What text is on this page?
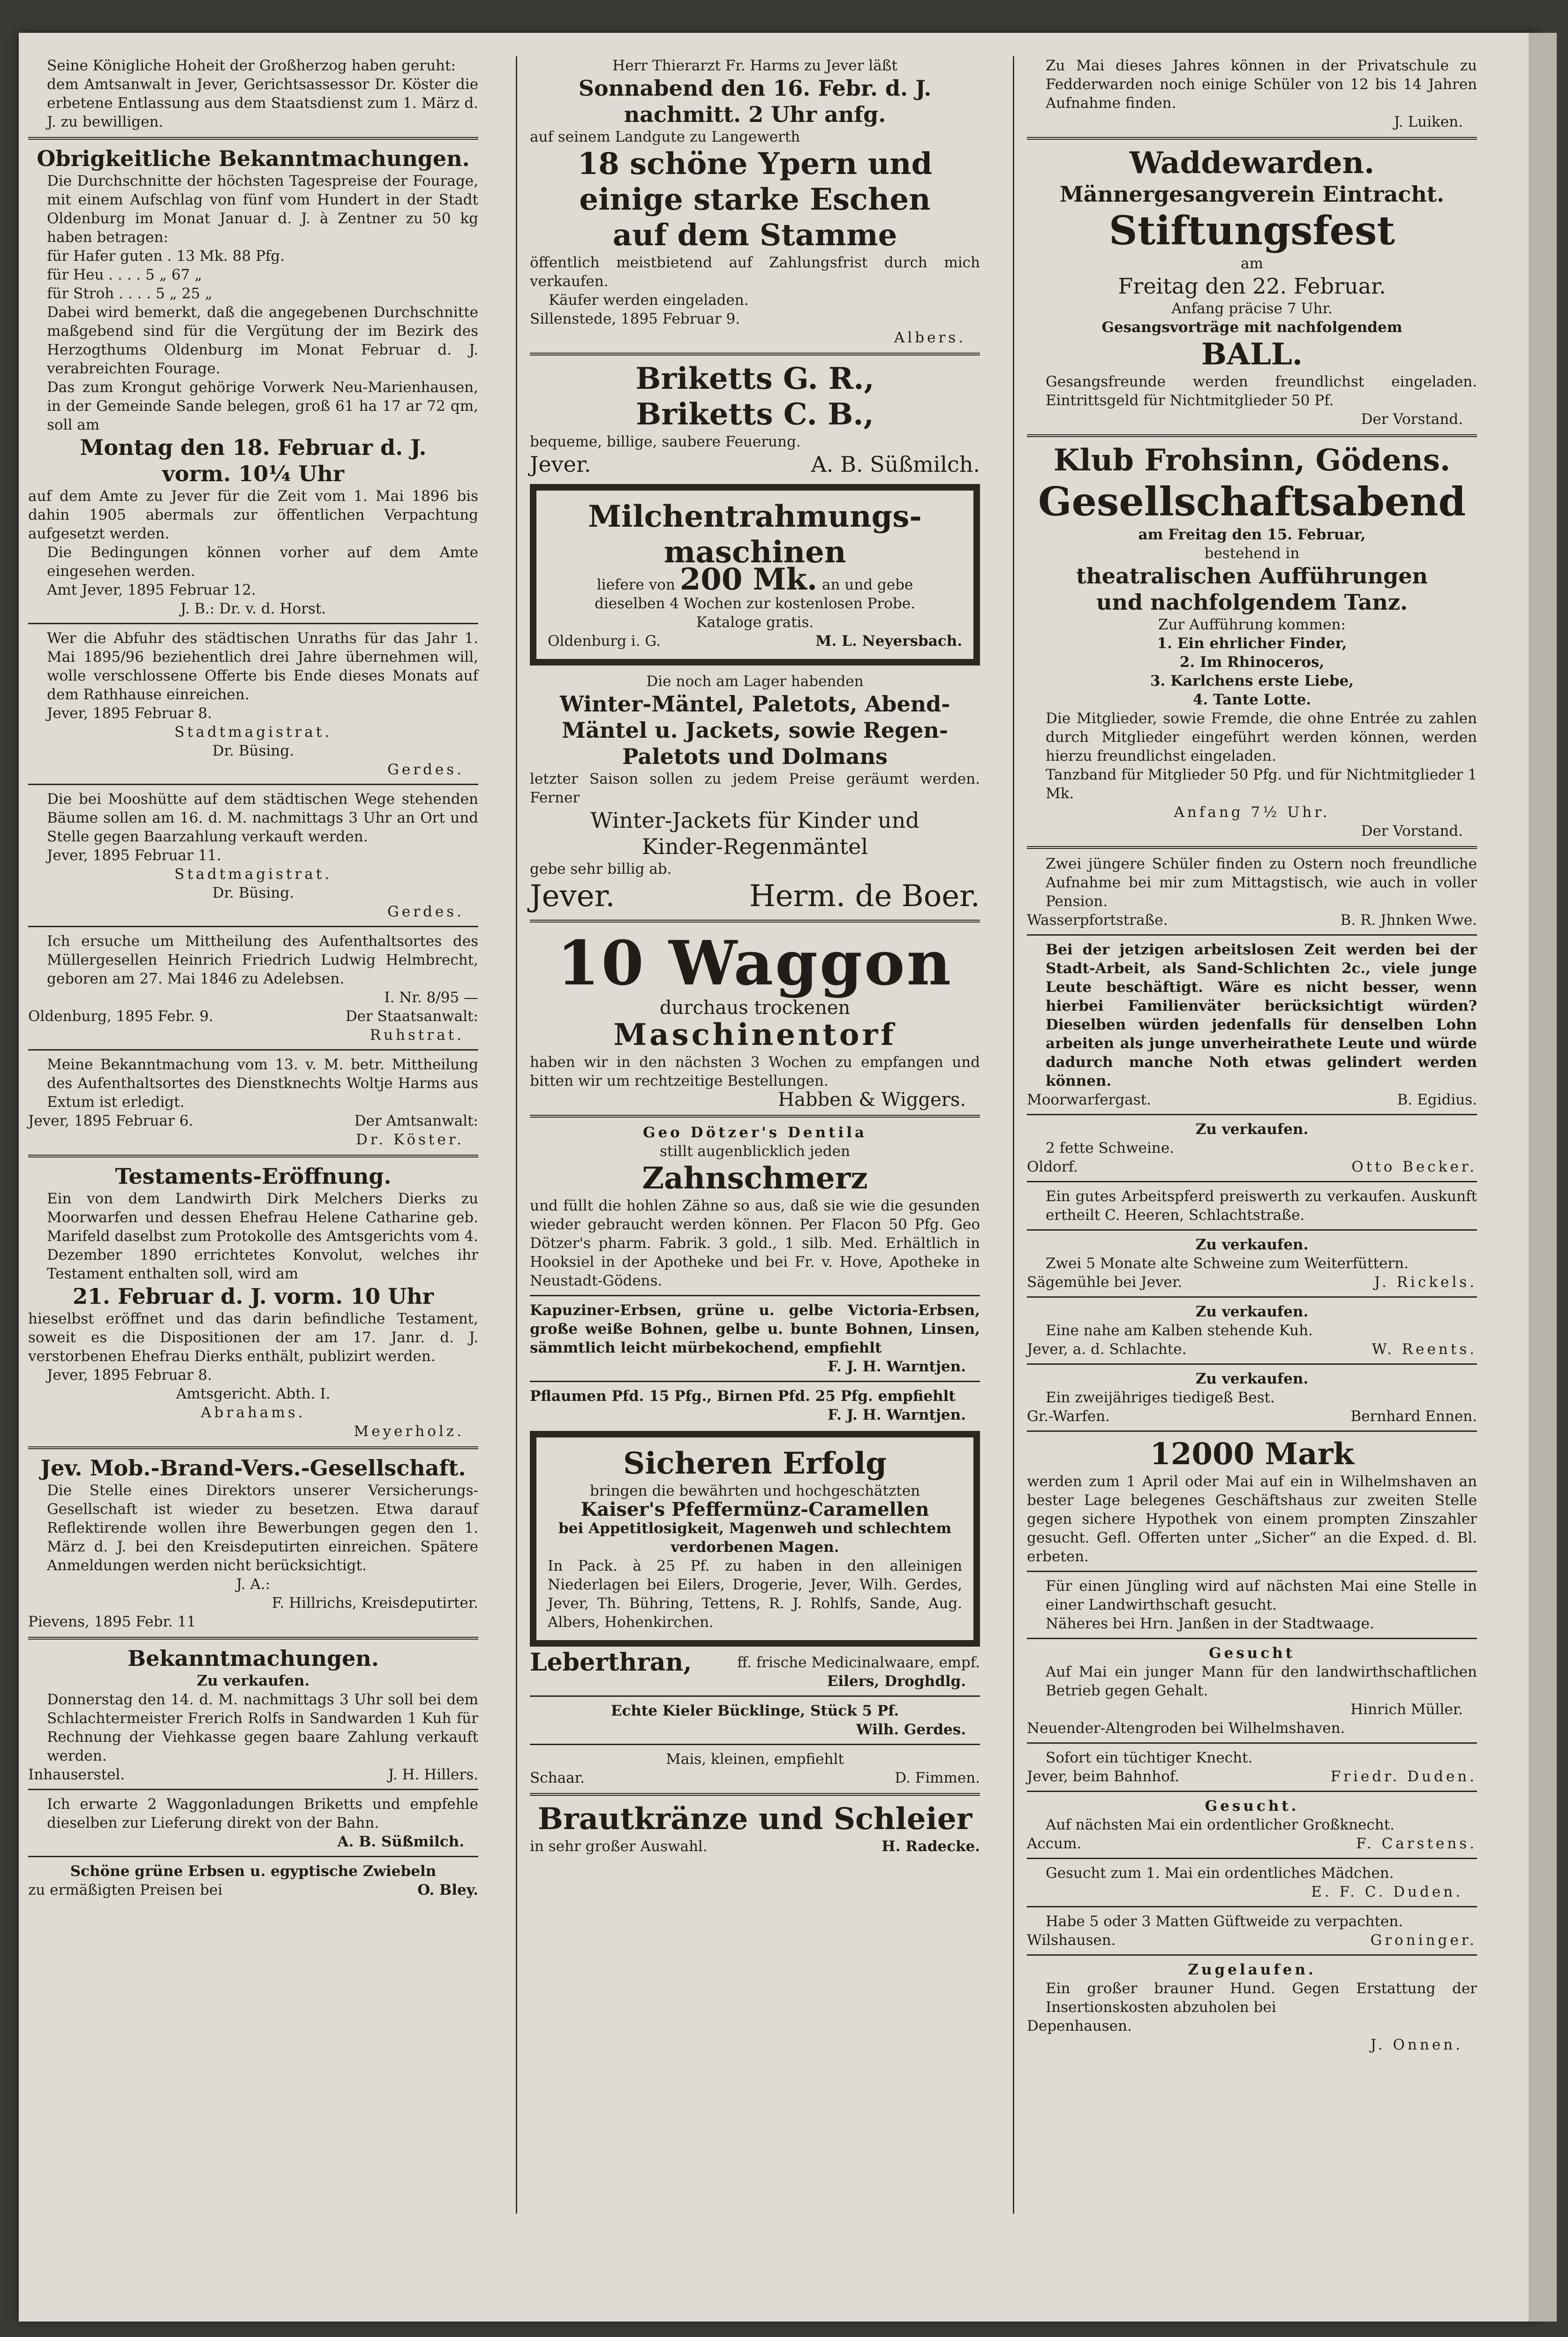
Seine Königliche Hoheit der Großherzog haben geruht:

dem Amtsanwalt in Jever, Gerichtsassessor Dr. Köster die erbetene Entlassung aus dem Staatsdienst zum 1. März d. J. zu bewilligen.

Obrigkeitliche Bekanntmachungen.

Die Durchschnitte der höchsten Tagespreise der Fourage, mit einem Aufschlag von fünf vom Hundert in der Stadt Oldenburg im Monat Januar d. J. à Zentner zu 50 kg haben betragen:

für Hafer guten . 13 Mk. 88 Pfg.

für Heu . . . . 5 „ 67 „

für Stroh . . . . 5 „ 25 „

Dabei wird bemerkt, daß die angegebenen Durchschnitte maßgebend sind für die Vergütung der im Bezirk des Herzogthums Oldenburg im Monat Februar d. J. verabreichten Fourage.

Das zum Krongut gehörige Vorwerk Neu-Marienhausen, in der Gemeinde Sande belegen, groß 61 ha 17 ar 72 qm, soll am

Montag den 18. Februar d. J.

vorm. 10¼ Uhr

auf dem Amte zu Jever für die Zeit vom 1. Mai 1896 bis dahin 1905 abermals zur öffentlichen Verpachtung aufgesetzt werden.

Die Bedingungen können vorher auf dem Amte eingesehen werden.

Amt Jever, 1895 Februar 12.

J. B.: Dr. v. d. Horst.

Wer die Abfuhr des städtischen Unraths für das Jahr 1. Mai 1895/96 beziehentlich drei Jahre übernehmen will, wolle verschlossene Offerte bis Ende dieses Monats auf dem Rathhause einreichen.

Jever, 1895 Februar 8.

Stadtmagistrat.

Dr. Büsing.

Gerdes.

Die bei Mooshütte auf dem städtischen Wege stehenden Bäume sollen am 16. d. M. nachmittags 3 Uhr an Ort und Stelle gegen Baarzahlung verkauft werden.

Jever, 1895 Februar 11.

Stadtmagistrat.

Dr. Büsing.

Gerdes.

Ich ersuche um Mittheilung des Aufenthaltsortes des Müllergesellen Heinrich Friedrich Ludwig Helmbrecht, geboren am 27. Mai 1846 zu Adelebsen.

I. Nr. 8/95 —

Oldenburg, 1895 Febr. 9.	Der Staatsanwalt:

Ruhstrat.

Meine Bekanntmachung vom 13. v. M. betr. Mittheilung des Aufenthaltsortes des Dienstknechts Woltje Harms aus Extum ist erledigt.

Jever, 1895 Februar 6.	Der Amtsanwalt:

Dr. Köster.

Testaments-Eröffnung.

Ein von dem Landwirth Dirk Melchers Dierks zu Moorwarfen und dessen Ehefrau Helene Catharine geb. Marifeld daselbst zum Protokolle des Amtsgerichts vom 4. Dezember 1890 errichtetes Konvolut, welches ihr Testament enthalten soll, wird am

21. Februar d. J. vorm. 10 Uhr

hieselbst eröffnet und das darin befindliche Testament, soweit es die Dispositionen der am 17. Janr. d. J. verstorbenen Ehefrau Dierks enthält, publizirt werden.

Jever, 1895 Februar 8.

Amtsgericht. Abth. I.

Abrahams.

Meyerholz.

Jev. Mob.-Brand-Vers.-Gesellschaft.

Die Stelle eines Direktors unserer Versicherungs-Gesellschaft ist wieder zu besetzen. Etwa darauf Reflektirende wollen ihre Bewerbungen gegen den 1. März d. J. bei den Kreisdeputirten einreichen. Spätere Anmeldungen werden nicht berücksichtigt.

J. A.:

F. Hillrichs, Kreisdeputirter.

Pievens, 1895 Febr. 11

Bekanntmachungen.

Zu verkaufen.

Donnerstag den 14. d. M. nachmittags 3 Uhr soll bei dem Schlachtermeister Frerich Rolfs in Sandwarden 1 Kuh für Rechnung der Viehkasse gegen baare Zahlung verkauft werden.

Inhauserstel.	J. H. Hillers.

Ich erwarte 2 Waggonladungen Briketts und empfehle dieselben zur Lieferung direkt von der Bahn.

A. B. Süßmilch.

Schöne grüne Erbsen u. egyptische Zwiebeln

zu ermäßigten Preisen bei	O. Bley.

Herr Thierarzt Fr. Harms zu Jever läßt

Sonnabend den 16. Febr. d. J.

nachmitt. 2 Uhr anfg.

auf seinem Landgute zu Langewerth

18 schöne Ypern und

einige starke Eschen

auf dem Stamme

öffentlich meistbietend auf Zahlungsfrist durch mich verkaufen.

Käufer werden eingeladen.

Sillenstede, 1895 Februar 9.

Albers.

Briketts G. R.,

Briketts C. B.,

bequeme, billige, saubere Feuerung.

Jever.	A. B. Süßmilch.

Milchentrahmungs-

maschinen

liefere von 200 Mk. an und gebe

dieselben 4 Wochen zur kostenlosen Probe.

Kataloge gratis.

Oldenburg i. G.	M. L. Neyersbach.

Die noch am Lager habenden

Winter-Mäntel, Paletots, Abend-

Mäntel u. Jackets, sowie Regen-

Paletots und Dolmans

letzter Saison sollen zu jedem Preise geräumt werden. Ferner

Winter-Jackets für Kinder und

Kinder-Regenmäntel

gebe sehr billig ab.

Jever.	Herm. de Boer.

10 Waggon

durchaus trockenen

Maschinentorf

haben wir in den nächsten 3 Wochen zu empfangen und bitten wir um rechtzeitige Bestellungen.

Habben & Wiggers.

Geo Dötzer's Dentila

stillt augenblicklich jeden

Zahnschmerz

und füllt die hohlen Zähne so aus, daß sie wie die gesunden wieder gebraucht werden können. Per Flacon 50 Pfg. Geo Dötzer's pharm. Fabrik. 3 gold., 1 silb. Med. Erhältlich in Hooksiel in der Apotheke und bei Fr. v. Hove, Apotheke in Neustadt-Gödens.

Kapuziner-Erbsen, grüne u. gelbe Victoria-Erbsen, große weiße Bohnen, gelbe u. bunte Bohnen, Linsen, sämmtlich leicht mürbekochend, empfiehlt

F. J. H. Warntjen.

Pflaumen Pfd. 15 Pfg., Birnen Pfd. 25 Pfg. empfiehlt

F. J. H. Warntjen.

Sicheren Erfolg

bringen die bewährten und hochgeschätzten

Kaiser's Pfeffermünz-Caramellen

bei Appetitlosigkeit, Magenweh und schlechtem verdorbenen Magen.

In Pack. à 25 Pf. zu haben in den alleinigen Niederlagen bei Eilers, Drogerie, Jever, Wilh. Gerdes, Jever, Th. Bühring, Tettens, R. J. Rohlfs, Sande, Aug. Albers, Hohenkirchen.

Leberthran,	ff. frische Medicinalwaare, empf.

Eilers, Droghdlg.

Echte Kieler Bücklinge, Stück 5 Pf.

Wilh. Gerdes.

Mais, kleinen, empfiehlt

Schaar.	D. Fimmen.

Brautkränze und Schleier

in sehr großer Auswahl.	H. Radecke.

Zu Mai dieses Jahres können in der Privatschule zu Fedderwarden noch einige Schüler von 12 bis 14 Jahren Aufnahme finden.

J. Luiken.

Waddewarden.

Männergesangverein Eintracht.

Stiftungsfest

am

Freitag den 22. Februar.

Anfang präcise 7 Uhr.

Gesangsvorträge mit nachfolgendem

BALL.

Gesangsfreunde werden freundlichst eingeladen. Eintrittsgeld für Nichtmitglieder 50 Pf.

Der Vorstand.

Klub Frohsinn, Gödens.

Gesellschaftsabend

am Freitag den 15. Februar,

bestehend in

theatralischen Aufführungen

und nachfolgendem Tanz.

Zur Aufführung kommen:

1. Ein ehrlicher Finder,

2. Im Rhinoceros,

3. Karlchens erste Liebe,

4. Tante Lotte.

Die Mitglieder, sowie Fremde, die ohne Entrée zu zahlen durch Mitglieder eingeführt werden können, werden hierzu freundlichst eingeladen.

Tanzband für Mitglieder 50 Pfg. und für Nichtmitglieder 1 Mk.

Anfang 7½ Uhr.

Der Vorstand.

Zwei jüngere Schüler finden zu Ostern noch freundliche Aufnahme bei mir zum Mittagstisch, wie auch in voller Pension.

Wasserpfortstraße.	B. R. Jhnken Wwe.

Bei der jetzigen arbeitslosen Zeit werden bei der Stadt-Arbeit, als Sand-Schlichten 2c., viele junge Leute beschäftigt. Wäre es nicht besser, wenn hierbei Familienväter berücksichtigt würden? Dieselben würden jedenfalls für denselben Lohn arbeiten als junge unverheirathete Leute und würde dadurch manche Noth etwas gelindert werden können.

Moorwarfergast.	B. Egidius.

Zu verkaufen.

2 fette Schweine.

Oldorf.	Otto Becker.

Ein gutes Arbeitspferd preiswerth zu verkaufen. Auskunft ertheilt C. Heeren, Schlachtstraße.

Zu verkaufen.

Zwei 5 Monate alte Schweine zum Weiterfüttern.

Sägemühle bei Jever.	J. Rickels.

Zu verkaufen.

Eine nahe am Kalben stehende Kuh.

Jever, a. d. Schlachte.	W. Reents.

Zu verkaufen.

Ein zweijähriges tiedigeß Best.

Gr.-Warfen.	Bernhard Ennen.

12000 Mark

werden zum 1 April oder Mai auf ein in Wilhelmshaven an bester Lage belegenes Geschäftshaus zur zweiten Stelle gegen sichere Hypothek von einem prompten Zinszahler gesucht. Gefl. Offerten unter „Sicher“ an die Exped. d. Bl. erbeten.

Für einen Jüngling wird auf nächsten Mai eine Stelle in einer Landwirthschaft gesucht.

Näheres bei Hrn. Janßen in der Stadtwaage.

Gesucht

Auf Mai ein junger Mann für den landwirthschaftlichen Betrieb gegen Gehalt.

Hinrich Müller.

Neuender-Altengroden bei Wilhelmshaven.

Sofort ein tüchtiger Knecht.

Jever, beim Bahnhof.	Friedr. Duden.

Gesucht.

Auf nächsten Mai ein ordentlicher Großknecht.

Accum.	F. Carstens.

Gesucht zum 1. Mai ein ordentliches Mädchen.

E. F. C. Duden.

Habe 5 oder 3 Matten Güftweide zu verpachten.

Wilshausen.	Groninger.

Zugelaufen.

Ein großer brauner Hund. Gegen Erstattung der Insertionskosten abzuholen bei

Depenhausen.

J. Onnen.
